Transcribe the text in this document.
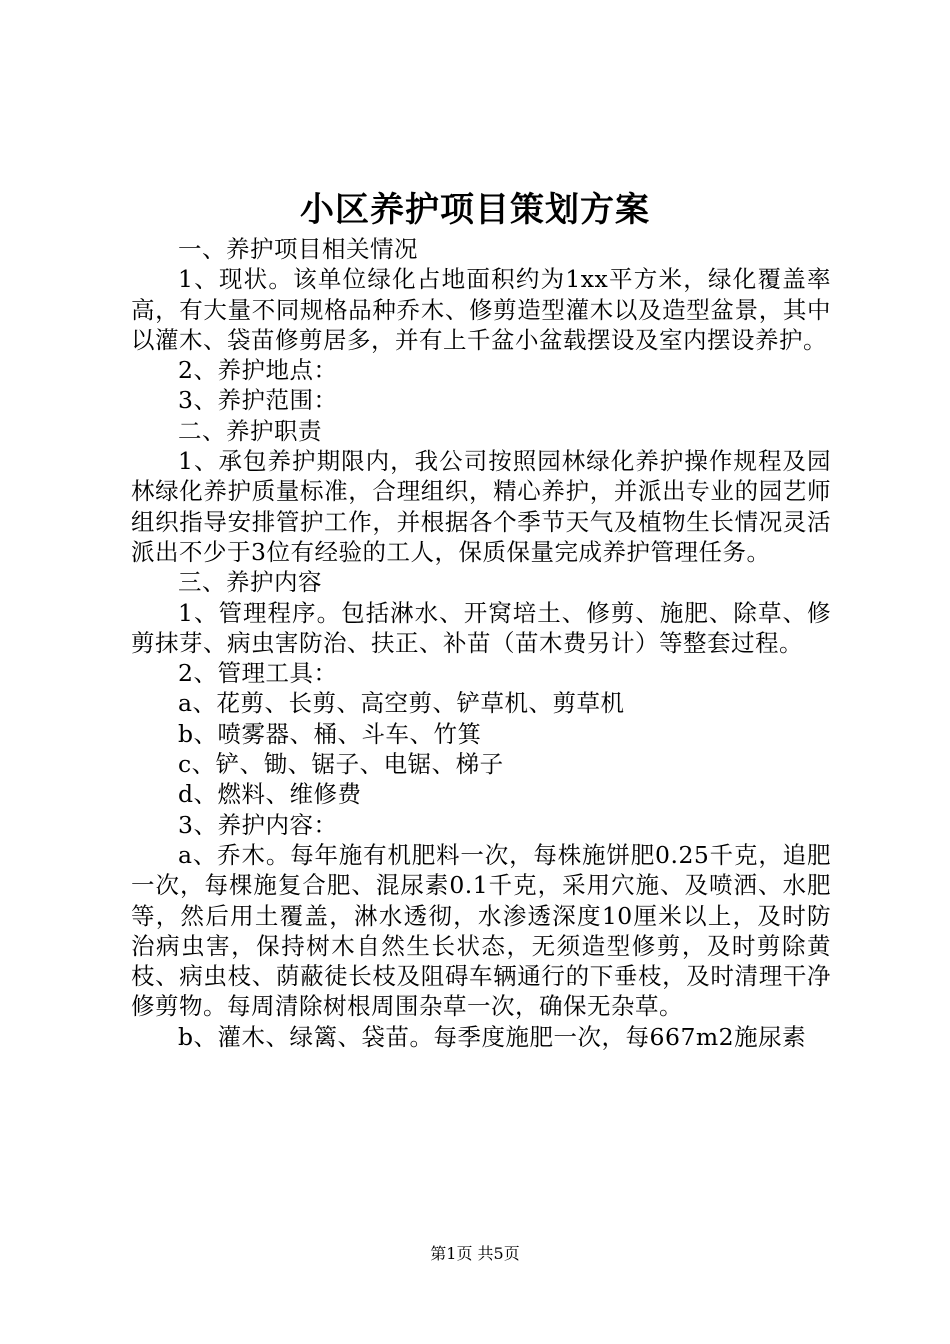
小区养护项目策划方案

一、养护项目相关情况

1、现状。该单位绿化占地面积约为1xx平方米，绿化覆盖率高，有大量不同规格品种乔木、修剪造型灌木以及造型盆景，其中以灌木、袋苗修剪居多，并有上千盆小盆载摆设及室内摆设养护。

2、养护地点：

3、养护范围：

二、养护职责

1、承包养护期限内，我公司按照园林绿化养护操作规程及园林绿化养护质量标准，合理组织，精心养护，并派出专业的园艺师组织指导安排管护工作，并根据各个季节天气及植物生长情况灵活派出不少于3位有经验的工人，保质保量完成养护管理任务。

三、养护内容

1、管理程序。包括淋水、开窝培土、修剪、施肥、除草、修剪抹芽、病虫害防治、扶正、补苗（苗木费另计）等整套过程。

2、管理工具：

a、花剪、长剪、高空剪、铲草机、剪草机

b、喷雾器、桶、斗车、竹箕

c、铲、锄、锯子、电锯、梯子

d、燃料、维修费

3、养护内容：

a、乔木。每年施有机肥料一次，每株施饼肥0.25千克，追肥一次，每棵施复合肥、混尿素0.1千克，采用穴施、及喷洒、水肥等，然后用土覆盖，淋水透彻，水渗透深度10厘米以上，及时防治病虫害，保持树木自然生长状态，无须造型修剪，及时剪除黄枝、病虫枝、荫蔽徒长枝及阻碍车辆通行的下垂枝，及时清理干净修剪物。每周清除树根周围杂草一次，确保无杂草。

b、灌木、绿篱、袋苗。每季度施肥一次，每667m2施尿素

第1页 共5页
